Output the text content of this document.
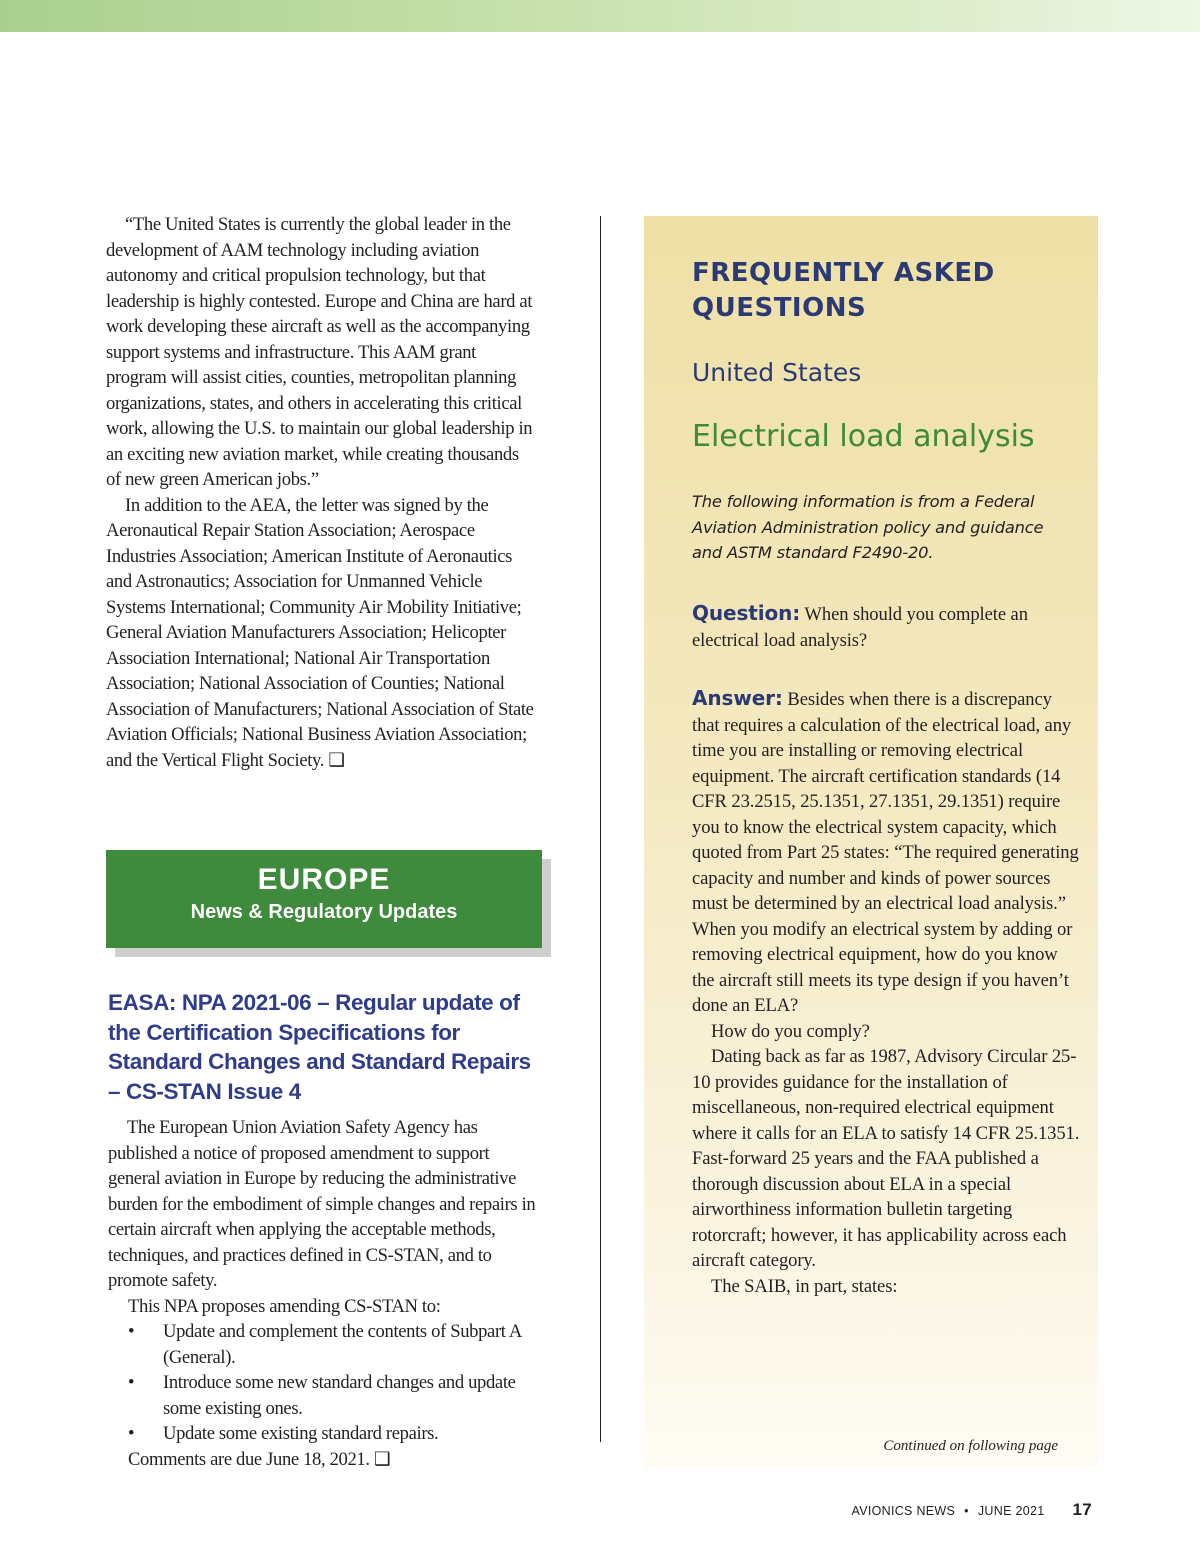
“The United States is currently the global leader in the development of AAM technology including aviation autonomy and critical propulsion technology, but that leadership is highly contested. Europe and China are hard at work developing these aircraft as well as the accompanying support systems and infrastructure. This AAM grant program will assist cities, counties, metropolitan planning organizations, states, and others in accelerating this critical work, allowing the U.S. to maintain our global leadership in an exciting new aviation market, while creating thousands of new green American jobs.”

In addition to the AEA, the letter was signed by the Aeronautical Repair Station Association; Aerospace Industries Association; American Institute of Aeronautics and Astronautics; Association for Unmanned Vehicle Systems International; Community Air Mobility Initiative; General Aviation Manufacturers Association; Helicopter Association International; National Air Transportation Association; National Association of Counties; National Association of Manufacturers; National Association of State Aviation Officials; National Business Aviation Association; and the Vertical Flight Society. ❑

EUROPE
News & Regulatory Updates
EASA: NPA 2021-06 – Regular update of the Certification Specifications for Standard Changes and Standard Repairs – CS-STAN Issue 4

The European Union Aviation Safety Agency has published a notice of proposed amendment to support general aviation in Europe by reducing the administrative burden for the embodiment of simple changes and repairs in certain aircraft when applying the acceptable methods, techniques, and practices defined in CS-STAN, and to promote safety.

This NPA proposes amending CS-STAN to:

• Update and complement the contents of Subpart A (General).
• Introduce some new standard changes and update some existing ones.
• Update some existing standard repairs.

Comments are due June 18, 2021. ❑

FREQUENTLY ASKED QUESTIONS
United States
Electrical load analysis
The following information is from a Federal Aviation Administration policy and guidance and ASTM standard F2490-20.
Question: When should you complete an electrical load analysis?

Answer: Besides when there is a discrepancy that requires a calculation of the electrical load, any time you are installing or removing electrical equipment. The aircraft certification standards (14 CFR 23.2515, 25.1351, 27.1351, 29.1351) require you to know the electrical system capacity, which quoted from Part 25 states: “The required generating capacity and number and kinds of power sources must be determined by an electrical load analysis.” When you modify an electrical system by adding or removing electrical equipment, how do you know the aircraft still meets its type design if you haven’t done an ELA?

How do you comply?

Dating back as far as 1987, Advisory Circular 25-10 provides guidance for the installation of miscellaneous, non-required electrical equipment where it calls for an ELA to satisfy 14 CFR 25.1351. Fast-forward 25 years and the FAA published a thorough discussion about ELA in a special airworthiness information bulletin targeting rotorcraft; however, it has applicability across each aircraft category.

The SAIB, in part, states:

Continued on following page
AVIONICS NEWS • JUNE 2021 17
